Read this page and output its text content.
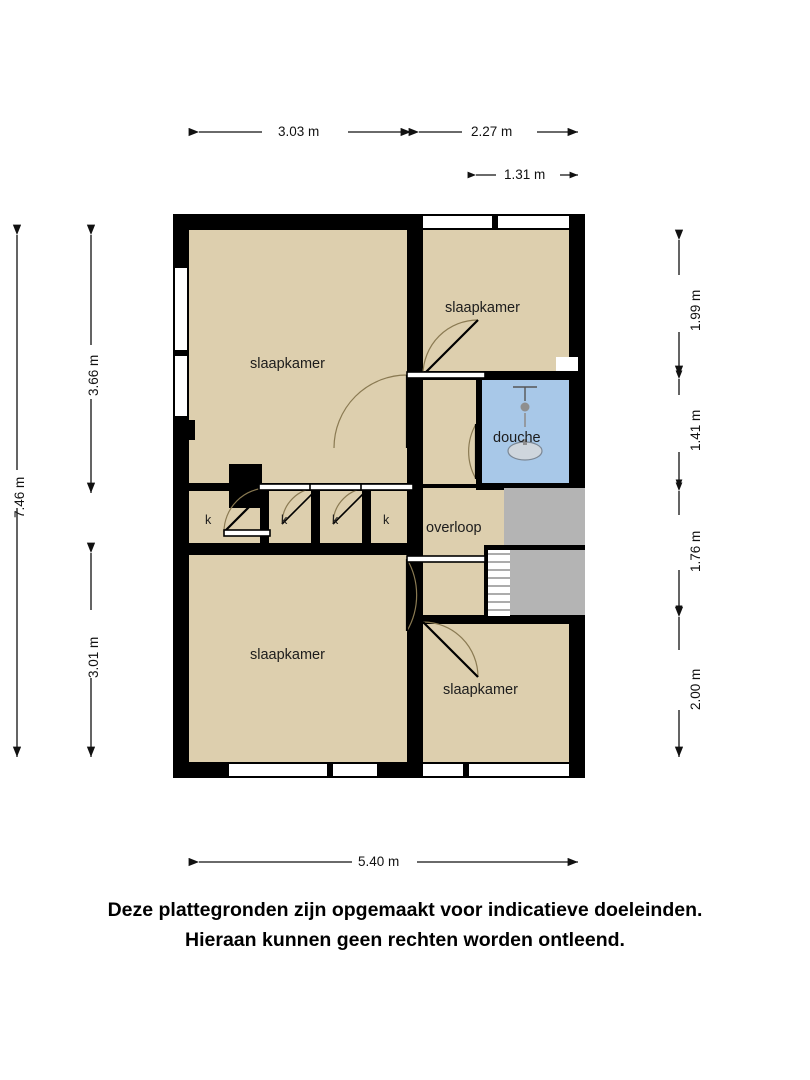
3.03 m	2.27 m
1.31 m
5.40 m
7.46 m
3.66 m
3.01 m
1.99 m
1.41 m
1.76 m
2.00 m
slaapkamer
slaapkamer
douche
overloop
slaapkamer
slaapkamer
k	k	k	k
Deze plattegronden zijn opgemaakt voor indicatieve doeleinden.
Hieraan kunnen geen rechten worden ontleend.
